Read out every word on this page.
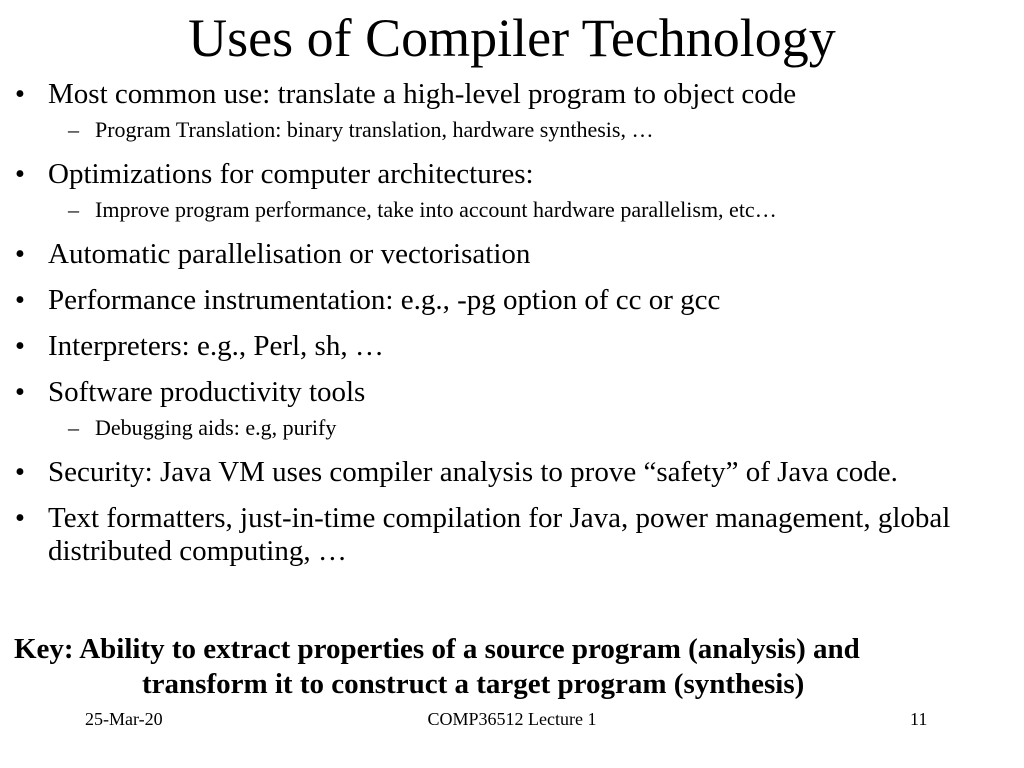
Uses of Compiler Technology
• Most common use: translate a high-level program to object code
– Program Translation: binary translation, hardware synthesis, …
• Optimizations for computer architectures:
– Improve program performance, take into account hardware parallelism, etc…
• Automatic parallelisation or vectorisation
• Performance instrumentation: e.g., -pg option of cc or gcc
• Interpreters: e.g., Perl, sh, …
• Software productivity tools
– Debugging aids: e.g, purify
• Security: Java VM uses compiler analysis to prove “safety” of Java code.
• Text formatters, just-in-time compilation for Java, power management, global distributed computing, …
Key: Ability to extract properties of a source program (analysis) and
transform it to construct a target program (synthesis)
25-Mar-20	COMP36512 Lecture 1	11
